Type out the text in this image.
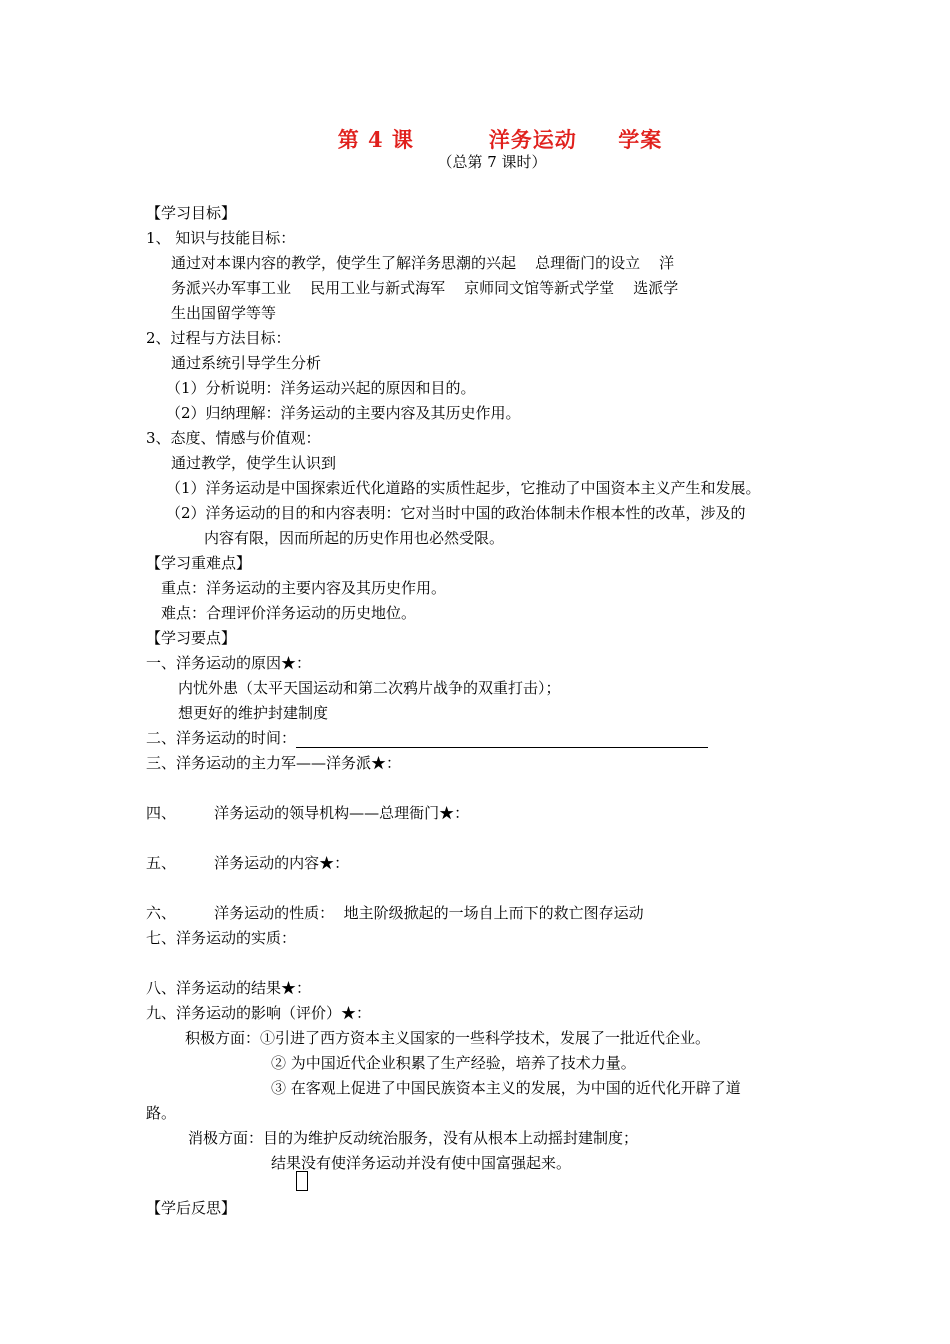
第 4 课         洋务运动     学案
（总第 7 课时）
【学习目标】
1、 知识与技能目标：
通过对本课内容的教学，使学生了解洋务思潮的兴起    总理衙门的设立    洋
务派兴办军事工业    民用工业与新式海军    京师同文馆等新式学堂    选派学
生出国留学等等
2、过程与方法目标：
通过系统引导学生分析
（1）分析说明：洋务运动兴起的原因和目的。
（2）归纳理解：洋务运动的主要内容及其历史作用。
3、态度、情感与价值观：
通过教学，使学生认识到
（1）洋务运动是中国探索近代化道路的实质性起步，它推动了中国资本主义产生和发展。
（2）洋务运动的目的和内容表明：它对当时中国的政治体制未作根本性的改革，涉及的
内容有限，因而所起的历史作用也必然受限。
【学习重难点】
重点：洋务运动的主要内容及其历史作用。
难点：合理评价洋务运动的历史地位。
【学习要点】
一、洋务运动的原因★：
内忧外患（太平天国运动和第二次鸦片战争的双重打击）；
想更好的维护封建制度
二、洋务运动的时间：
三、洋务运动的主力军——洋务派★：
四、        洋务运动的领导机构——总理衙门★：
五、        洋务运动的内容★：
六、        洋务运动的性质：  地主阶级掀起的一场自上而下的救亡图存运动
七、洋务运动的实质：
八、洋务运动的结果★：
九、洋务运动的影响（评价）★：
积极方面：①引进了西方资本主义国家的一些科学技术，发展了一批近代企业。
② 为中国近代企业积累了生产经验，培养了技术力量。
③ 在客观上促进了中国民族资本主义的发展，为中国的近代化开辟了道
路。
消极方面：目的为维护反动统治服务，没有从根本上动摇封建制度；
结果没有使洋务运动并没有使中国富强起来。
【学后反思】
